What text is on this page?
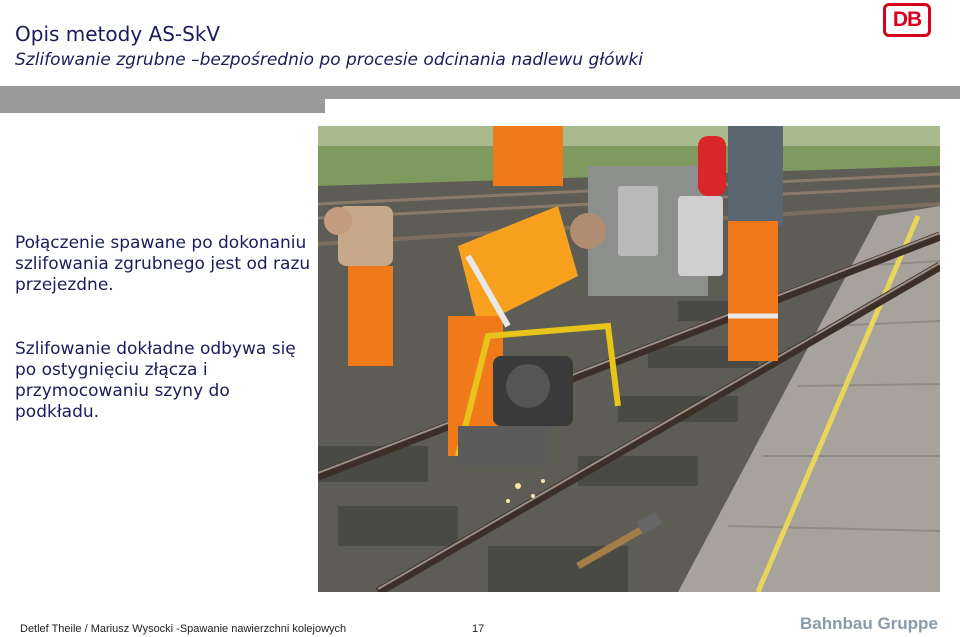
Opis metody AS-SkV
Szlifowanie zgrubne –bezpośrednio po procesie odcinania nadlewu główki
DB
Połączenie spawane po dokonaniu szlifowania zgrubnego jest od razu przejezdne.
Szlifowanie dokładne odbywa się po ostygnięciu złącza i przymocowaniu szyny do podkładu.
Detlef Theile / Mariusz Wysocki -Spawanie nawierzchni kolejowych	17	Bahnbau Gruppe
